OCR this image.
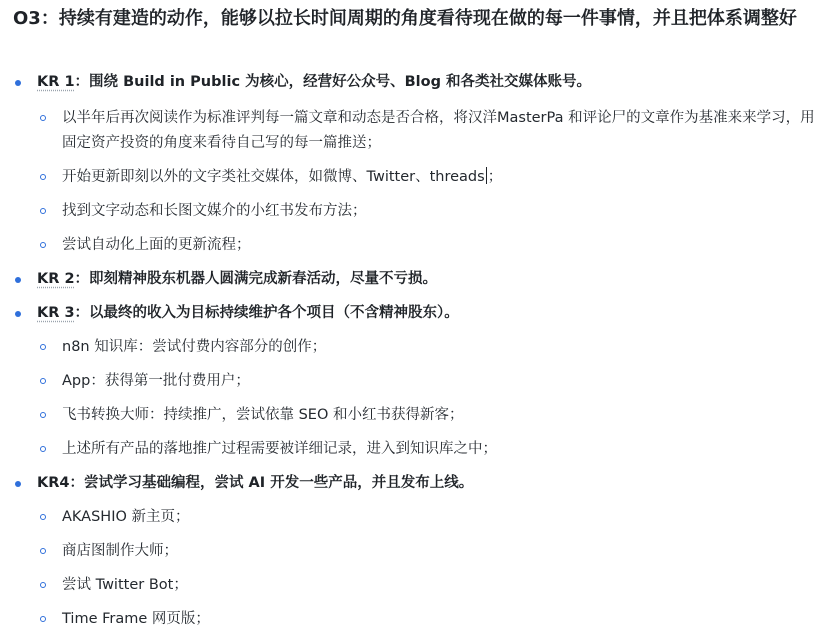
O3：持续有建造的动作，能够以拉长时间周期的角度看待现在做的每一件事情，并且把体系调整好
KR 1：围绕 Build in Public 为核心，经营好公众号、Blog 和各类社交媒体账号。
以半年后再次阅读作为标准评判每一篇文章和动态是否合格，将汉洋MasterPa 和评论尸的文章作为基准来来学习，用固定资产投资的角度来看待自己写的每一篇推送；
开始更新即刻以外的文字类社交媒体，如微博、Twitter、threads ；
找到文字动态和长图文媒介的小红书发布方法；
尝试自动化上面的更新流程；
KR 2：即刻精神股东机器人圆满完成新春活动，尽量不亏损。
KR 3：以最终的收入为目标持续维护各个项目（不含精神股东）。
n8n 知识库：尝试付费内容部分的创作；
App：获得第一批付费用户；
飞书转换大师：持续推广，尝试依靠 SEO 和小红书获得新客；
上述所有产品的落地推广过程需要被详细记录，进入到知识库之中；
KR4：尝试学习基础编程，尝试 AI 开发一些产品，并且发布上线。
AKASHIO 新主页；
商店图制作大师；
尝试 Twitter Bot；
Time Frame 网页版；
